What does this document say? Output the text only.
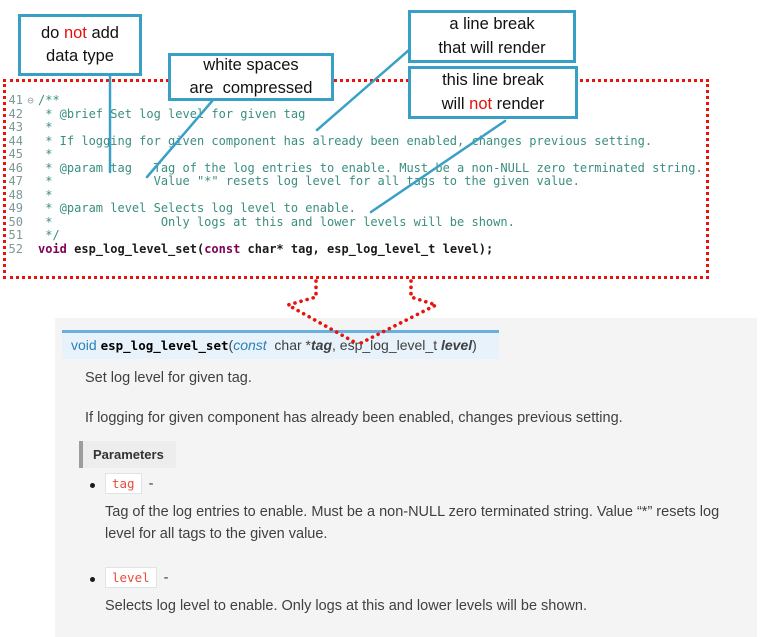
41 ⊖ /**
42 * @brief Set log level for given tag
43 *
44 * If logging for given component has already been enabled, changes previous setting.
45 *
46 * @param tag   Tag of the log entries to enable. Must be a non-NULL zero terminated string.
47 *              Value "*" resets log level for all tags to the given value.
48 *
49 * @param level Selects log level to enable.
50 *               Only logs at this and lower levels will be shown.
51 */
52 void esp_log_level_set(const char* tag, esp_log_level_t level);
do not add
data type	white spaces
are  compressed
a line break
that will render
this line break
will not render
void esp_log_level_set(const  char *tag, esp_log_level_t level)
Set log level for given tag.
If logging for given component has already been enabled, changes previous setting.
Parameters
tag -
Tag of the log entries to enable. Must be a non-NULL zero terminated string. Value “*” resets log level for all tags to the given value.
level -
Selects log level to enable. Only logs at this and lower levels will be shown.
